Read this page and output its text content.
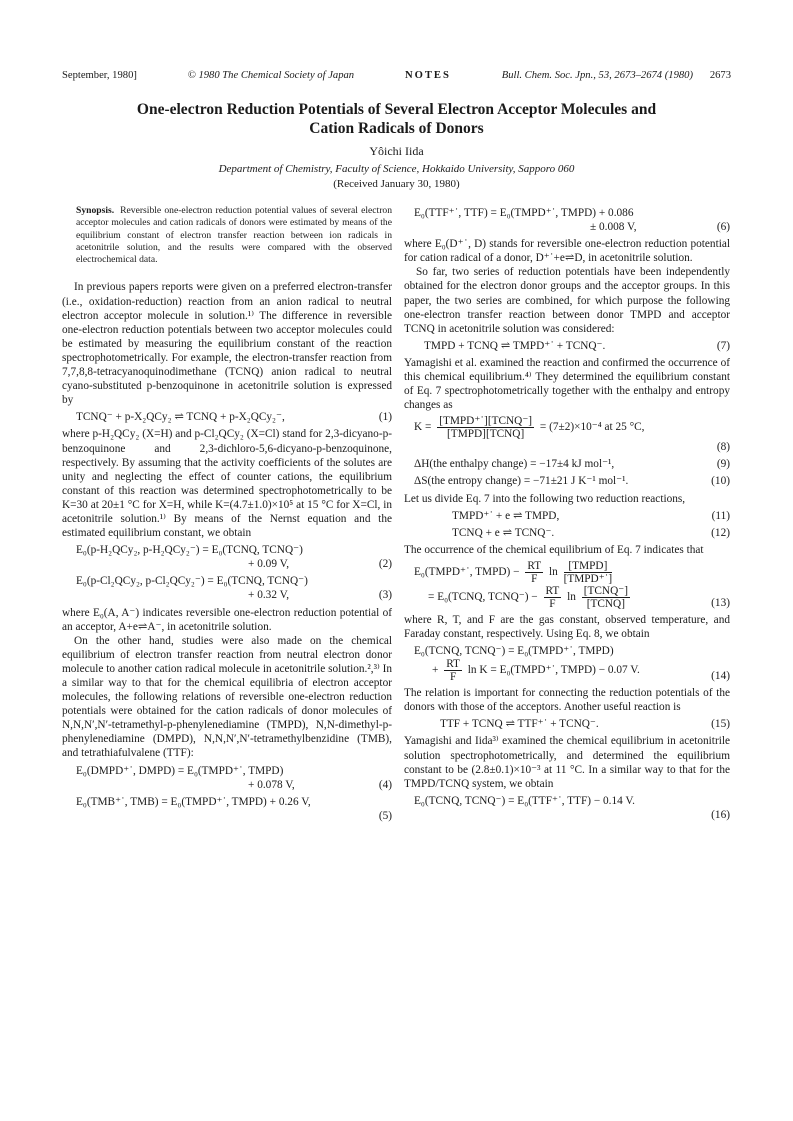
September, 1980]	© 1980 The Chemical Society of Japan	NOTES	Bull. Chem. Soc. Jpn., 53, 2673–2674 (1980) 2673
One-electron Reduction Potentials of Several Electron Acceptor Molecules and Cation Radicals of Donors
Yôichi Iida
Department of Chemistry, Faculty of Science, Hokkaido University, Sapporo 060
(Received January 30, 1980)
Synopsis. Reversible one-electron reduction potential values of several electron acceptor molecules and cation radicals of donors were estimated by means of the equilibrium constant of electron transfer reaction between ion radicals in acetonitrile solution, and the results were compared with the observed electrochemical data.

In previous papers reports were given on a preferred electron-transfer (i.e., oxidation-reduction) reaction from an anion radical to neutral electron acceptor molecule in solution.¹⁾ The difference in reversible one-electron reduction potentials between two acceptor molecules could be estimated by measuring the equilibrium constant of the reaction spectrophotometrically. For example, the electron-transfer reaction from 7,7,8,8-tetracyanoquinodimethane (TCNQ) anion radical to neutral cyano-substituted p-benzoquinone in acetonitrile solution is expressed by

TCNQ⁻ + p-X₂QCy₂ ⇌ TCNQ + p-X₂QCy₂⁻,	(1)

where p-H₂QCy₂ (X=H) and p-Cl₂QCy₂ (X=Cl) stand for 2,3-dicyano-p-benzoquinone and 2,3-dichloro-5,6-dicyano-p-benzoquinone, respectively. By assuming that the activity coefficients of the solutes are unity and neglecting the effect of counter cations, the equilibrium constant of this reaction was determined spectrophotometrically to be K=30 at 20±1 °C for X=H, while K=(4.7±1.0)×10⁵ at 15 °C for X=Cl, in acetonitrile solution.¹⁾ By means of the Nernst equation and the estimated equilibrium constant, we obtain

E₀(p-H₂QCy₂, p-H₂QCy₂⁻) = E₀(TCNQ, TCNQ⁻)
+ 0.09 V,	(2)
E₀(p-Cl₂QCy₂, p-Cl₂QCy₂⁻) = E₀(TCNQ, TCNQ⁻)
+ 0.32 V,	(3)

where E₀(A, A⁻) indicates reversible one-electron reduction potential of an acceptor, A+e⇌A⁻, in acetonitrile solution.

On the other hand, studies were also made on the chemical equilibrium of electron transfer reaction from neutral electron donor molecule to another cation radical molecule in acetonitrile solution.²,³⁾ In a similar way to that for the chemical equilibria of electron acceptor molecules, the following relations of reversible one-electron reduction potentials were obtained for the cation radicals of donor molecules of N,N,N′,N′-tetramethyl-p-phenylenediamine (TMPD), N,N-dimethyl-p-phenylenediamine (DMPD), N,N,N′,N′-tetramethylbenzidine (TMB), and tetrathiafulvalene (TTF):

E₀(DMPD⁺˙, DMPD) = E₀(TMPD⁺˙, TMPD)
+ 0.078 V,	(4)
E₀(TMB⁺˙, TMB) = E₀(TMPD⁺˙, TMPD) + 0.26 V,
(5)
E₀(TTF⁺˙, TTF) = E₀(TMPD⁺˙, TMPD) + 0.086
± 0.008 V,	(6)

where E₀(D⁺˙, D) stands for reversible one-electron reduction potential for cation radical of a donor, D⁺˙+e⇌D, in acetonitrile solution.

So far, two series of reduction potentials have been independently obtained for the electron donor groups and the acceptor groups. In this paper, the two series are combined, for which purpose the following one-electron transfer reaction between donor TMPD and acceptor TCNQ in acetonitrile solution was considered:

TMPD + TCNQ ⇌ TMPD⁺˙ + TCNQ⁻.	(7)

Yamagishi et al. examined the reaction and confirmed the occurrence of this chemical equilibrium.⁴⁾ They determined the equilibrium constant of Eq. 7 spectrophotometrically together with the enthalpy and entropy changes as

$K = \frac{\text{[TMPD⁺˙][TCNQ⁻]}}{\text{[TMPD][TCNQ]}} = (7\pm 2)\times 10^{-4}$ at 25 °C,
(8)
ΔH(the enthalpy change) = −17±4 kJ mol⁻¹,	(9)
ΔS(the entropy change) = −71±21 J K⁻¹ mol⁻¹.	(10)

Let us divide Eq. 7 into the following two reduction reactions,

TMPD⁺˙ + e ⇌ TMPD,	(11)
TCNQ + e ⇌ TCNQ⁻.	(12)

The occurrence of the chemical equilibrium of Eq. 7 indicates that

E₀(TMPD⁺˙, TMPD) − $\frac{RT}{F}$ $\ln \frac{\text{[TMPD]}}{\text{[TMPD⁺˙]}}$
= E₀(TCNQ, TCNQ⁻) − $\frac{RT}{F}$ $\ln \frac{\text{[TCNQ⁻]}}{\text{[TCNQ]}}$	(13)

where R, T, and F are the gas constant, observed temperature, and Faraday constant, respectively. Using Eq. 8, we obtain

E₀(TCNQ, TCNQ⁻) = E₀(TMPD⁺˙, TMPD)
+ $\frac{RT}{F}$ ln K = E₀(TMPD⁺˙, TMPD) − 0.07 V.	(14)

The relation is important for connecting the reduction potentials of the donors with those of the acceptors. Another useful reaction is

TTF + TCNQ ⇌ TTF⁺˙ + TCNQ⁻.	(15)

Yamagishi and Iida³⁾ examined the chemical equilibrium in acetonitrile solution spectrophotometrically, and determined the equilibrium constant to be (2.8±0.1)×10⁻³ at 11 °C. In a similar way to that for the TMPD/TCNQ system, we obtain

E₀(TCNQ, TCNQ⁻) = E₀(TTF⁺˙, TTF) − 0.14 V.
(16)
